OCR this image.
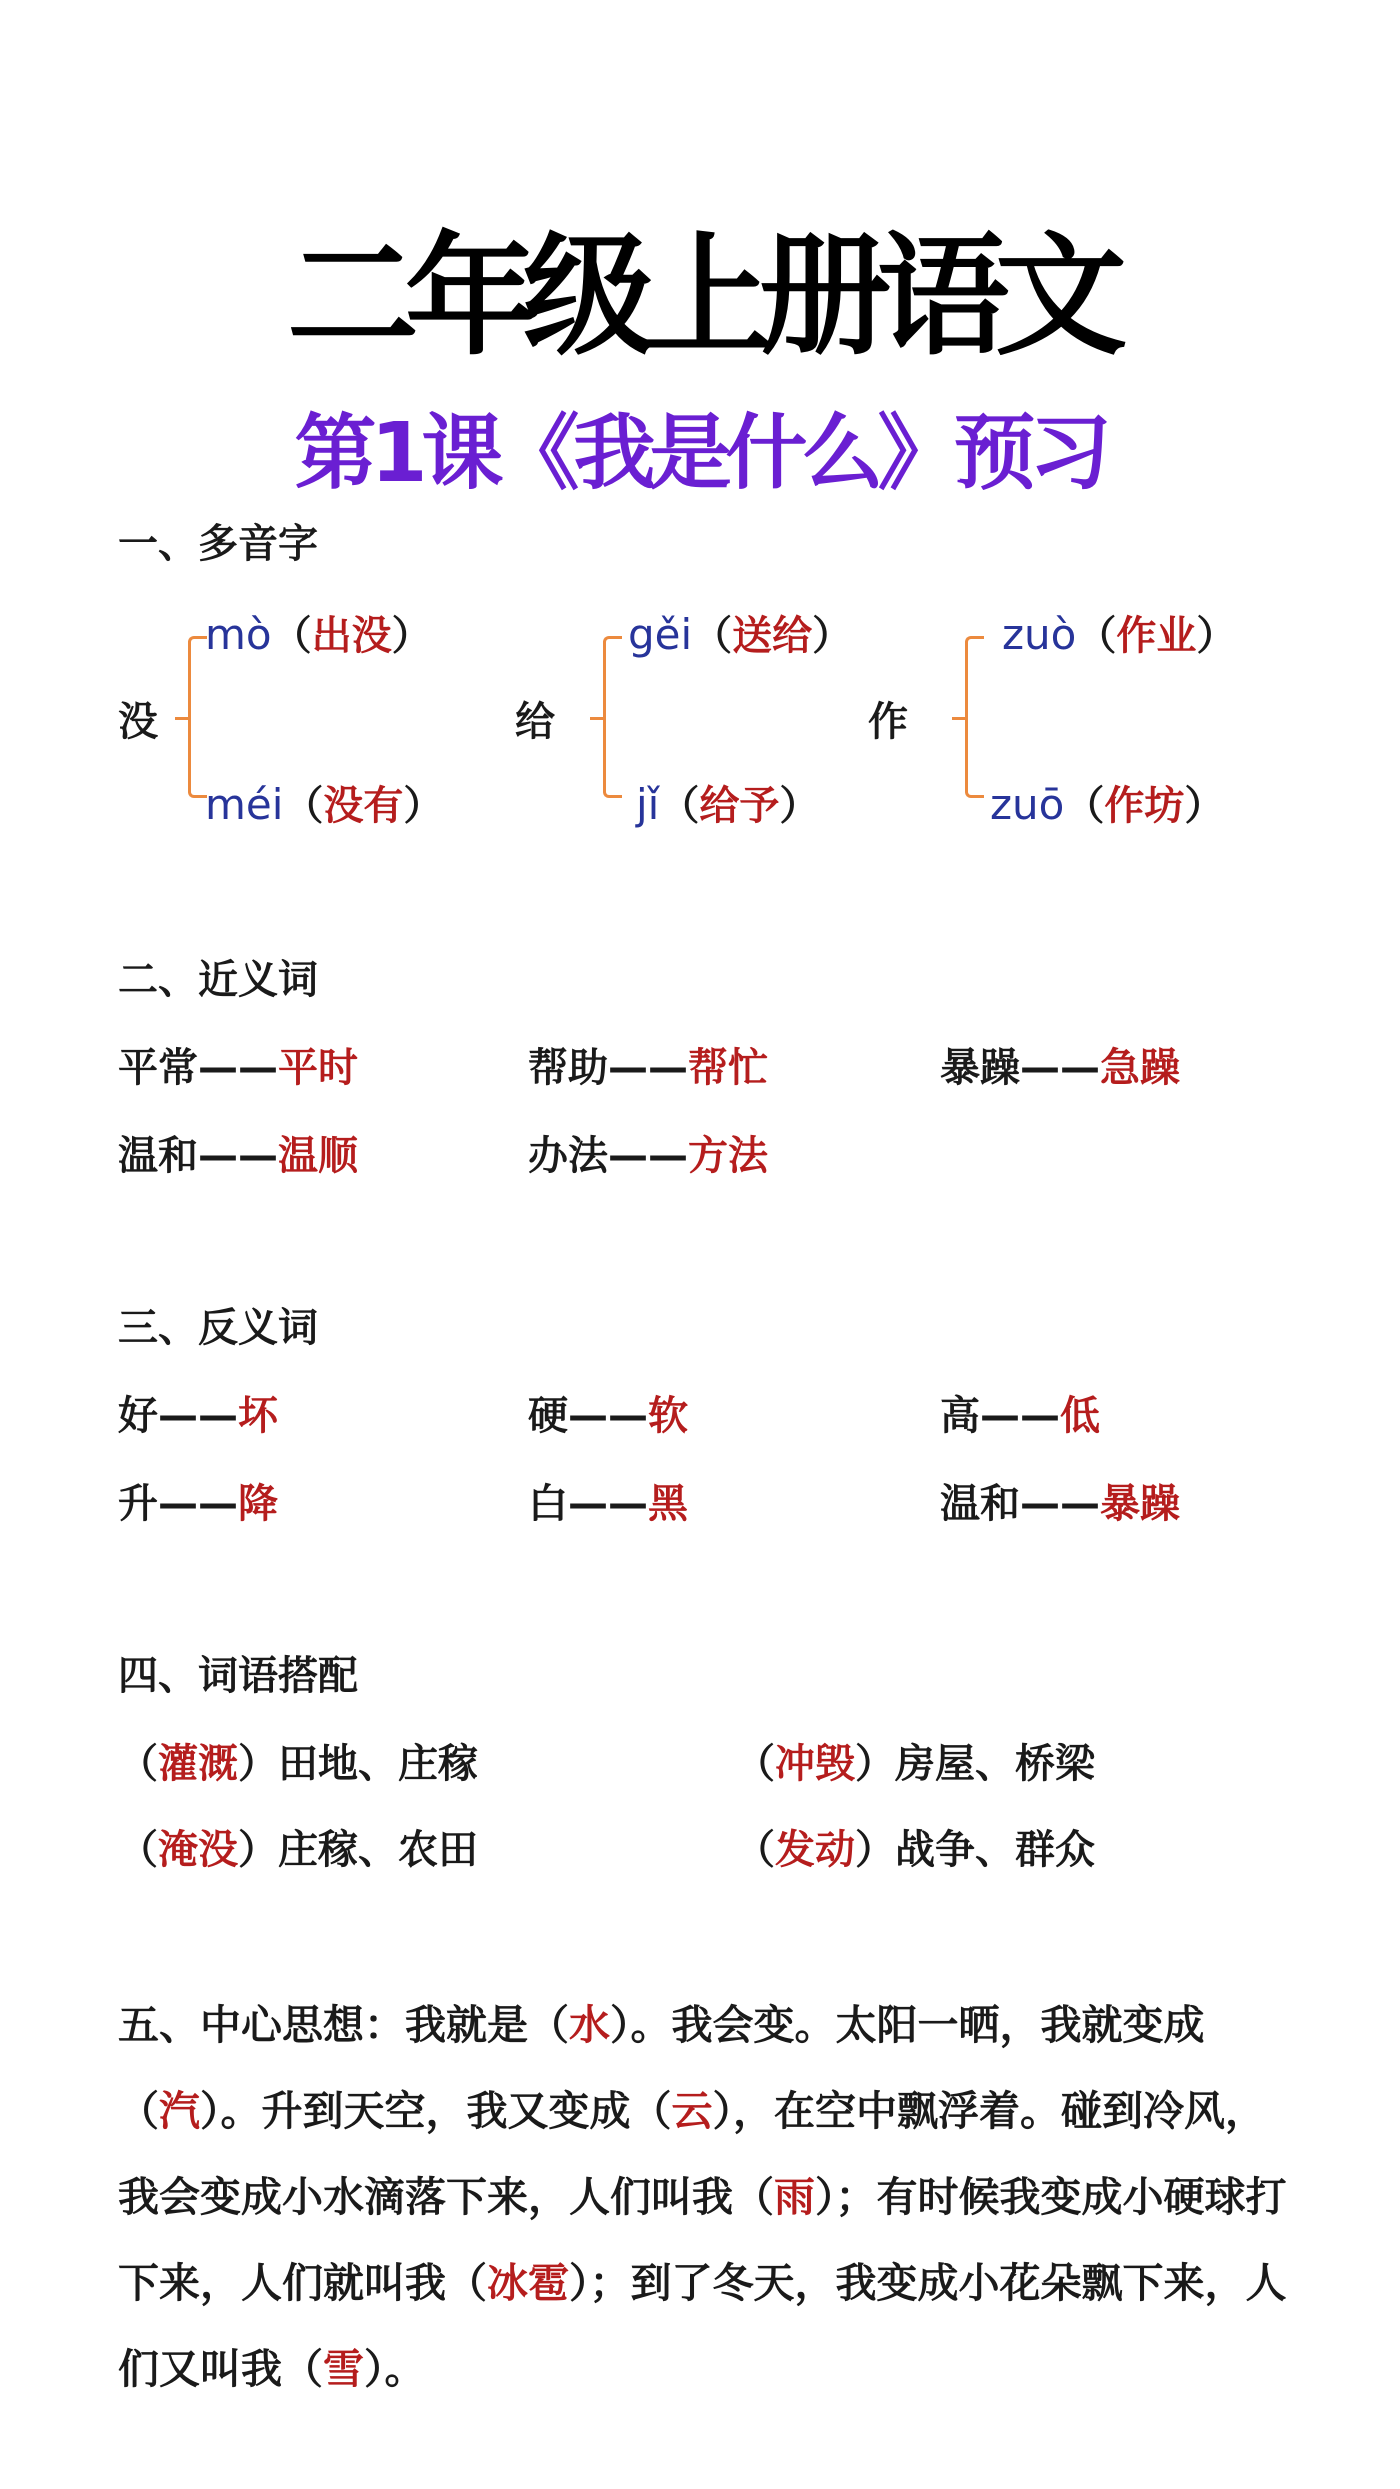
二年级上册语文
第1课《我是什么》预习
一、多音字
没
mò（出没）
méi（没有）
给
gěi（送给）
jǐ（给予）
作
zuò（作业）
zuō（作坊）
二、近义词
平常——平时	帮助——帮忙	暴躁——急躁
温和——温顺	办法——方法
三、反义词
好——坏	硬——软	高——低
升——降	白——黑	温和——暴躁
四、词语搭配
（灌溉）田地、庄稼	（冲毁）房屋、桥梁
（淹没）庄稼、农田	（发动）战争、群众
五、中心思想：我就是（水）。我会变。太阳一晒，我就变成（汽）。升到天空，我又变成（云），在空中飘浮着。碰到冷风，我会变成小水滴落下来，人们叫我（雨）；有时候我变成小硬球打下来，人们就叫我（冰雹）；到了冬天，我变成小花朵飘下来，人们又叫我（雪）。
